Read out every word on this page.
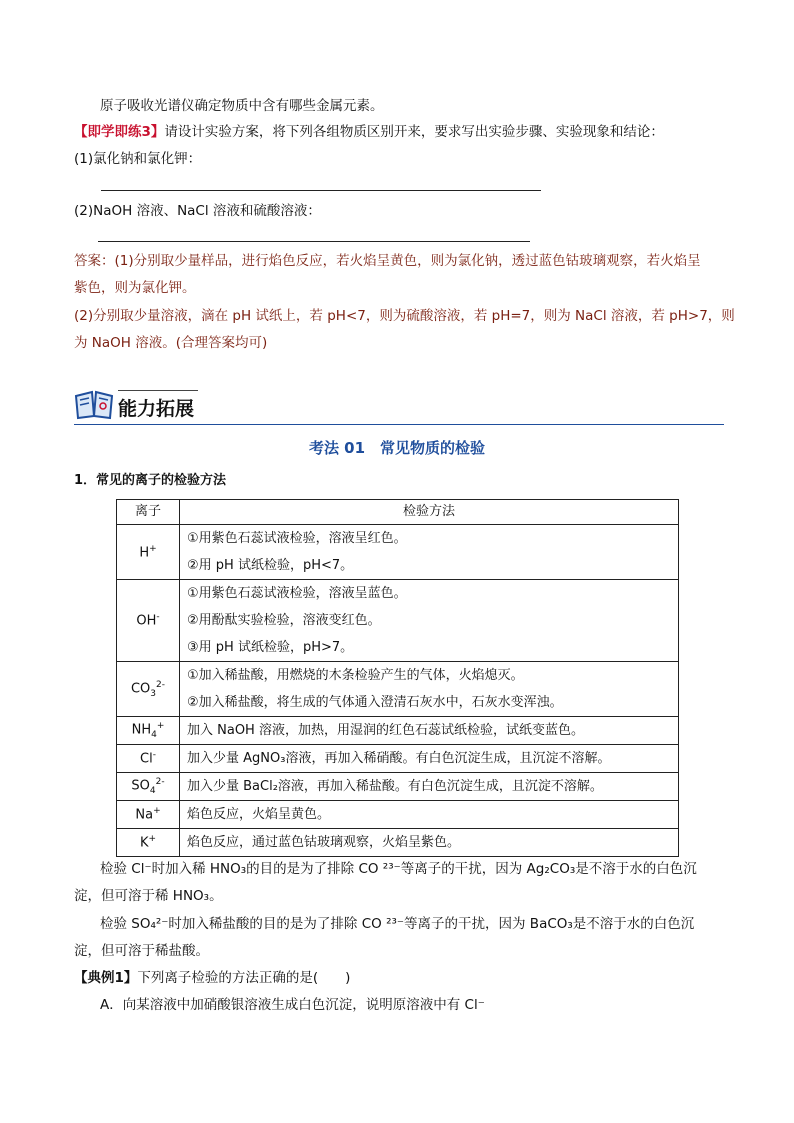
原子吸收光谱仪确定物质中含有哪些金属元素。
【即学即练3】请设计实验方案，将下列各组物质区别开来，要求写出实验步骤、实验现象和结论：
(1)氯化钠和氯化钾：
(2)NaOH 溶液、NaCl 溶液和硫酸溶液：
答案：(1)分别取少量样品，进行焰色反应，若火焰呈黄色，则为氯化钠，透过蓝色钴玻璃观察，若火焰呈
紫色，则为氯化钾。
(2)分别取少量溶液，滴在 pH 试纸上，若 pH<7，则为硫酸溶液，若 pH=7，则为 NaCl 溶液，若 pH>7，则
为 NaOH 溶液。(合理答案均可)
能力拓展
考法 01　常见物质的检验
1．常见的离子的检验方法
离子	检验方法
H+	①用紫色石蕊试液检验，溶液呈红色。
②用 pH 试纸检验，pH<7。

OH-	①用紫色石蕊试液检验，溶液呈蓝色。
②用酚酞实验检验，溶液变红色。
③用 pH 试纸检验，pH>7。

$CO_3^{2-}$	①加入稀盐酸，用燃烧的木条检验产生的气体，火焰熄灭。
②加入稀盐酸，将生成的气体通入澄清石灰水中，石灰水变浑浊。

$NH_4^+$	加入 NaOH 溶液，加热，用湿润的红色石蕊试纸检验，试纸变蓝色。

Cl-	加入少量 AgNO₃溶液，再加入稀硝酸。有白色沉淀生成，且沉淀不溶解。

$SO_4^{2-}$	加入少量 BaCl₂溶液，再加入稀盐酸。有白色沉淀生成，且沉淀不溶解。

Na+	焰色反应，火焰呈黄色。

K+	焰色反应，通过蓝色钴玻璃观察，火焰呈紫色。
检验 Cl⁻时加入稀 HNO₃的目的是为了排除 CO ²³⁻等离子的干扰，因为 Ag₂CO₃是不溶于水的白色沉
淀，但可溶于稀 HNO₃。
检验 SO₄²⁻时加入稀盐酸的目的是为了排除 CO ²³⁻等离子的干扰，因为 BaCO₃是不溶于水的白色沉
淀，但可溶于稀盐酸。
【典例1】下列离子检验的方法正确的是(　　)
A．向某溶液中加硝酸银溶液生成白色沉淀，说明原溶液中有 Cl⁻
